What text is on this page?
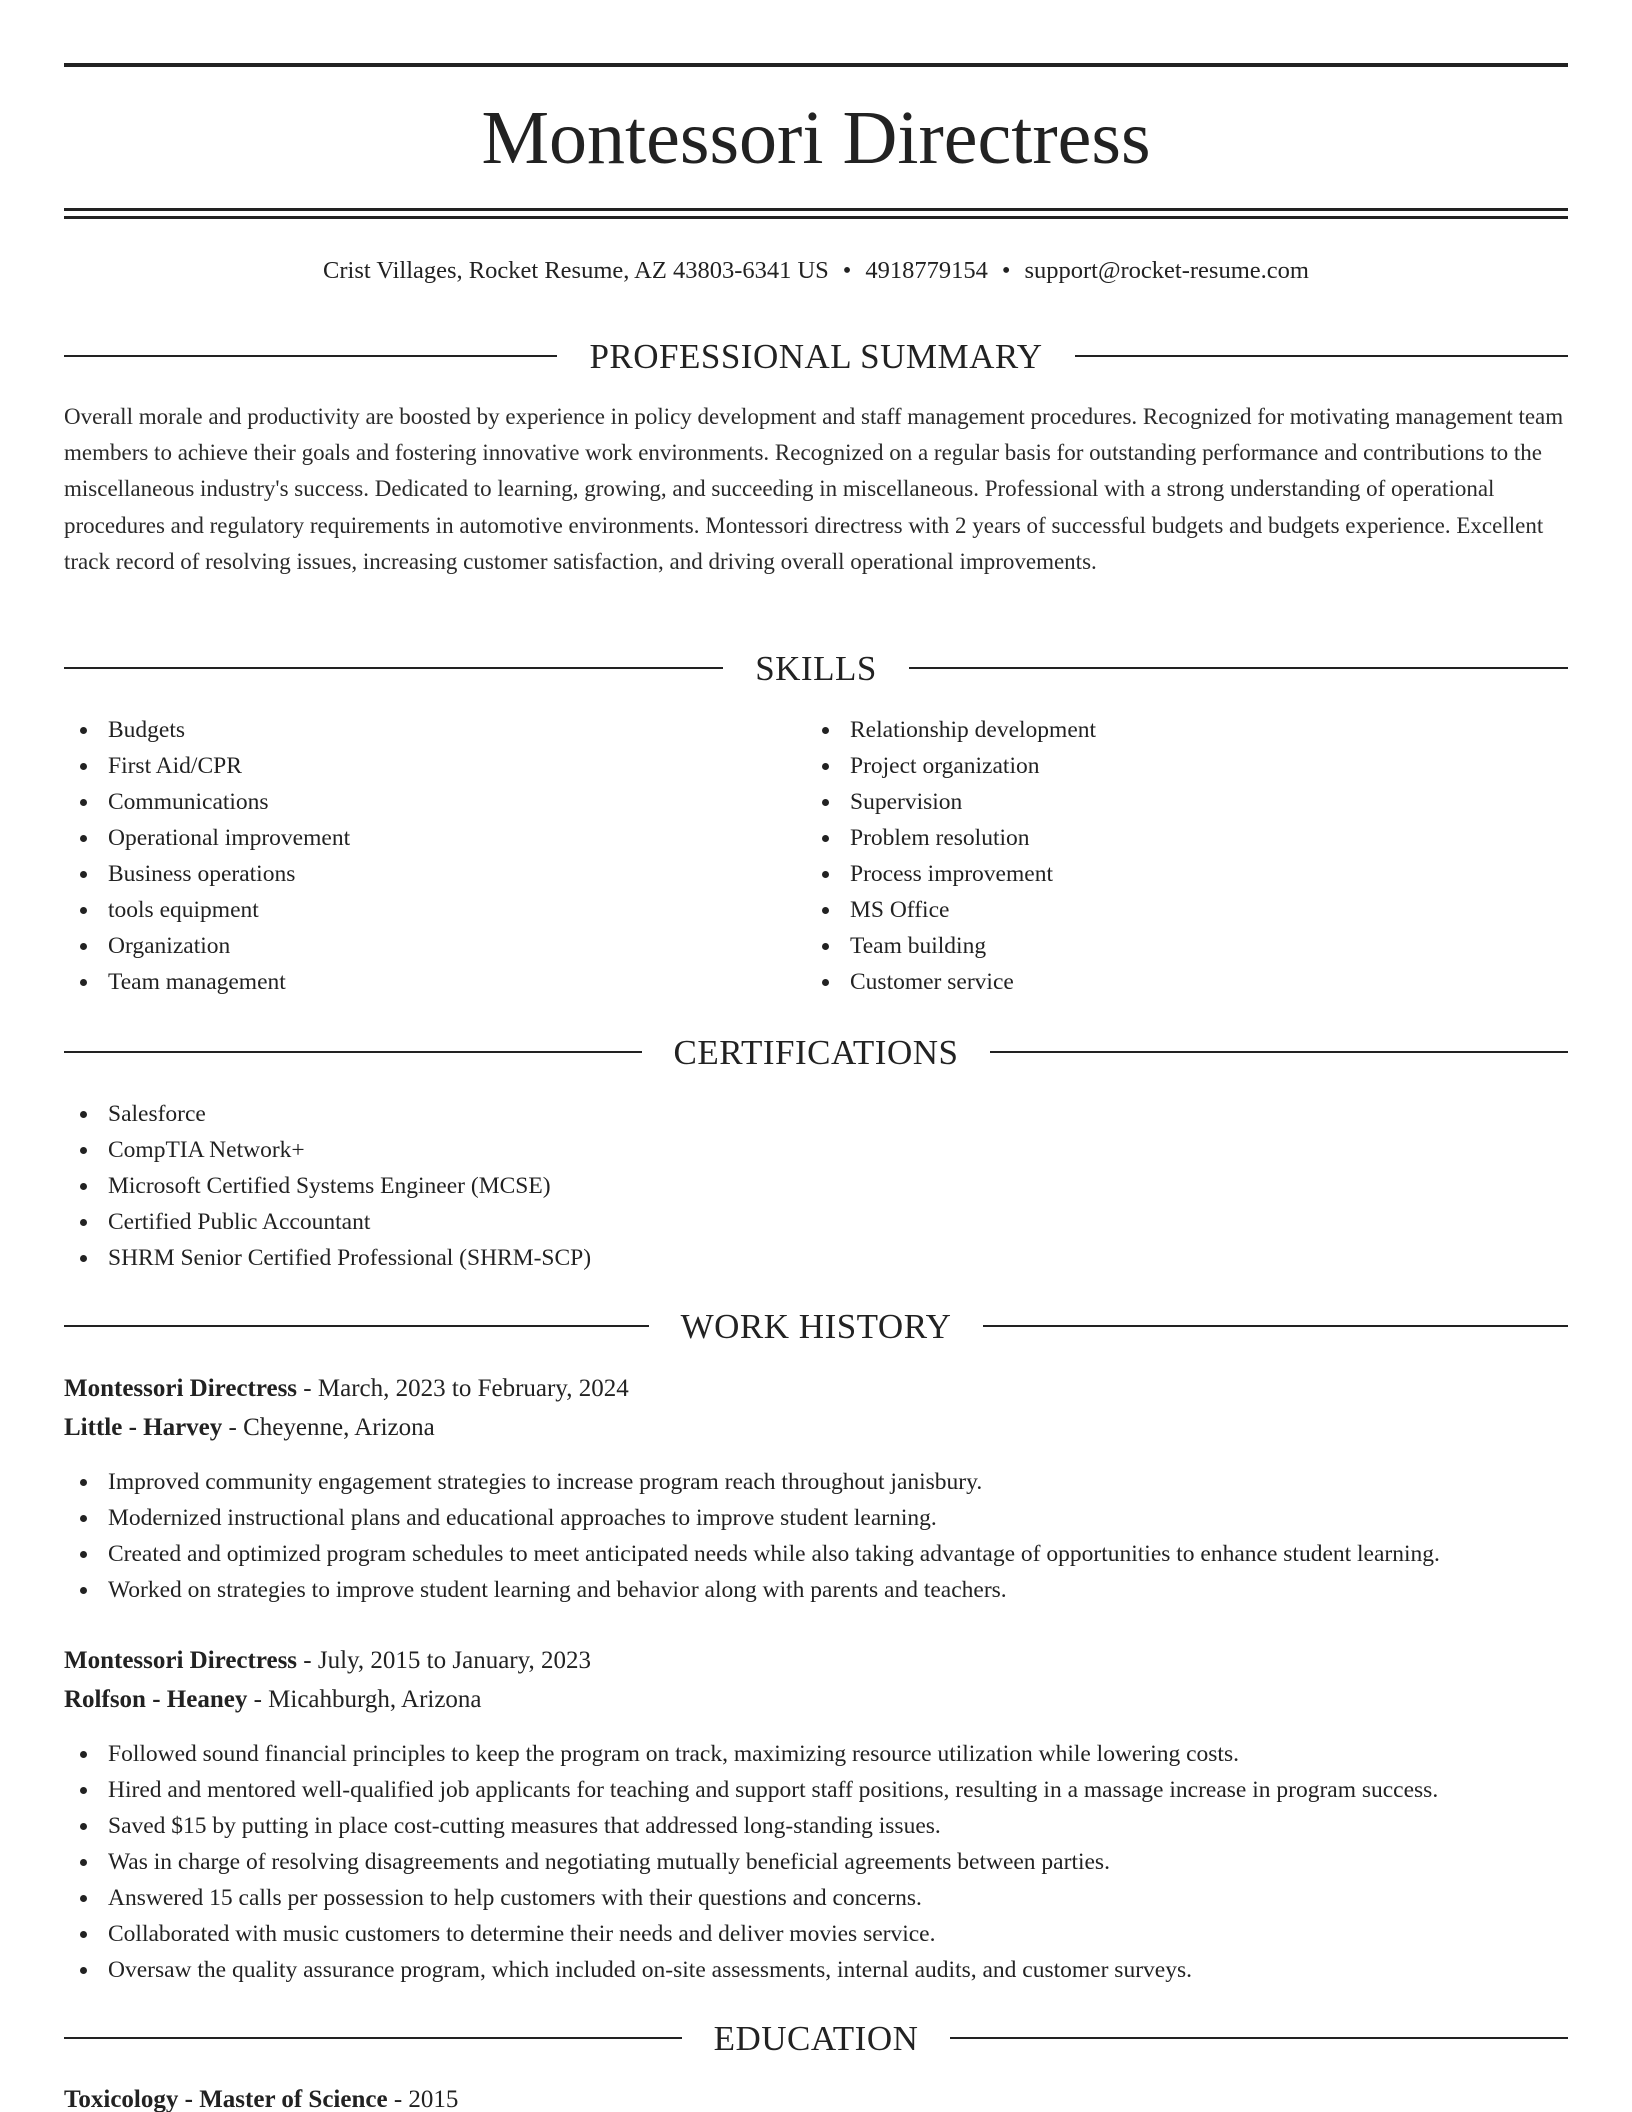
Montessori Directress
Crist Villages, Rocket Resume, AZ 43803-6341 US • 4918779154 • support@rocket-resume.com
PROFESSIONAL SUMMARY
Overall morale and productivity are boosted by experience in policy development and staff management procedures. Recognized for motivating management team members to achieve their goals and fostering innovative work environments. Recognized on a regular basis for outstanding performance and contributions to the miscellaneous industry's success. Dedicated to learning, growing, and succeeding in miscellaneous. Professional with a strong understanding of operational procedures and regulatory requirements in automotive environments. Montessori directress with 2 years of successful budgets and budgets experience. Excellent track record of resolving issues, increasing customer satisfaction, and driving overall operational improvements.
SKILLS
Budgets
First Aid/CPR
Communications
Operational improvement
Business operations
tools equipment
Organization
Team management
Relationship development
Project organization
Supervision
Problem resolution
Process improvement
MS Office
Team building
Customer service
CERTIFICATIONS
Salesforce
CompTIA Network+
Microsoft Certified Systems Engineer (MCSE)
Certified Public Accountant
SHRM Senior Certified Professional (SHRM-SCP)
WORK HISTORY
Montessori Directress - March, 2023 to February, 2024
Little - Harvey - Cheyenne, Arizona
Improved community engagement strategies to increase program reach throughout janisbury.
Modernized instructional plans and educational approaches to improve student learning.
Created and optimized program schedules to meet anticipated needs while also taking advantage of opportunities to enhance student learning.
Worked on strategies to improve student learning and behavior along with parents and teachers.
Montessori Directress - July, 2015 to January, 2023
Rolfson - Heaney - Micahburgh, Arizona
Followed sound financial principles to keep the program on track, maximizing resource utilization while lowering costs.
Hired and mentored well-qualified job applicants for teaching and support staff positions, resulting in a massage increase in program success.
Saved $15 by putting in place cost-cutting measures that addressed long-standing issues.
Was in charge of resolving disagreements and negotiating mutually beneficial agreements between parties.
Answered 15 calls per possession to help customers with their questions and concerns.
Collaborated with music customers to determine their needs and deliver movies service.
Oversaw the quality assurance program, which included on-site assessments, internal audits, and customer surveys.
EDUCATION
Toxicology - Master of Science - 2015
